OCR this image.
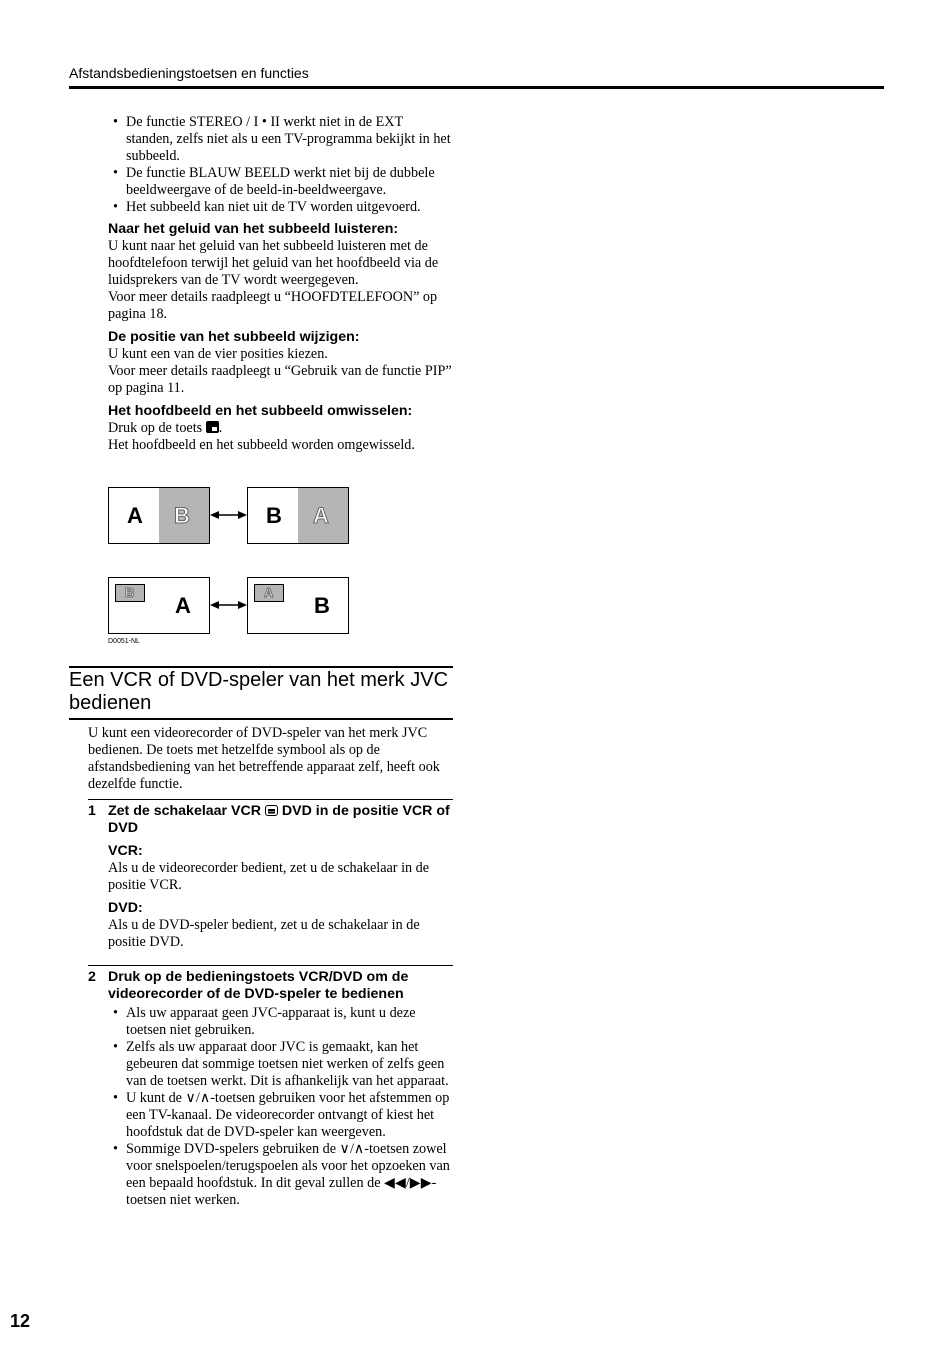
Afstandsbedieningstoetsen en functies
• De functie STEREO / I • II werkt niet in de EXT standen, zelfs niet als u een TV-programma bekijkt in het subbeeld.
• De functie BLAUW BEELD werkt niet bij de dubbele beeldweergave of de beeld-in-beeldweergave.
• Het subbeeld kan niet uit de TV worden uitgevoerd.
Naar het geluid van het subbeeld luisteren:
U kunt naar het geluid van het subbeeld luisteren met de hoofdtelefoon terwijl het geluid van het hoofdbeeld via de luidsprekers van de TV wordt weergegeven.
Voor meer details raadpleegt u “HOOFDTELEFOON” op pagina 18.
De positie van het subbeeld wijzigen:
U kunt een van de vier posities kiezen.
Voor meer details raadpleegt u “Gebruik van de functie PIP” op pagina 11.
Het hoofdbeeld en het subbeeld omwisselen:
Druk op de toets .
Het hoofdbeeld en het subbeeld worden omgewisseld.
A B	B A
B
A
A
B
D0051-NL
Een VCR of DVD-speler van het merk JVC bedienen
U kunt een videorecorder of DVD-speler van het merk JVC bedienen. De toets met hetzelfde symbool als op de afstandsbediening van het betreffende apparaat zelf, heeft ook dezelfde functie.
1 Zet de schakelaar VCR  DVD in de positie VCR of DVD
VCR:
Als u de videorecorder bedient, zet u de schakelaar in de positie VCR.
DVD:
Als u de DVD-speler bedient, zet u de schakelaar in de positie DVD.
2 Druk op de bedieningstoets VCR/DVD om de videorecorder of de DVD-speler te bedienen
• Als uw apparaat geen JVC-apparaat is, kunt u deze toetsen niet gebruiken.
• Zelfs als uw apparaat door JVC is gemaakt, kan het gebeuren dat sommige toetsen niet werken of zelfs geen van de toetsen werkt. Dit is afhankelijk van het apparaat.
• U kunt de ∨/∧-toetsen gebruiken voor het afstemmen op een TV-kanaal. De videorecorder ontvangt of kiest het hoofdstuk dat de DVD-speler kan weergeven.
• Sommige DVD-spelers gebruiken de ∨/∧-toetsen zowel voor snelspoelen/terugspoelen als voor het opzoeken van een bepaald hoofdstuk. In dit geval zullen de ◀◀/▶▶-toetsen niet werken.
12
